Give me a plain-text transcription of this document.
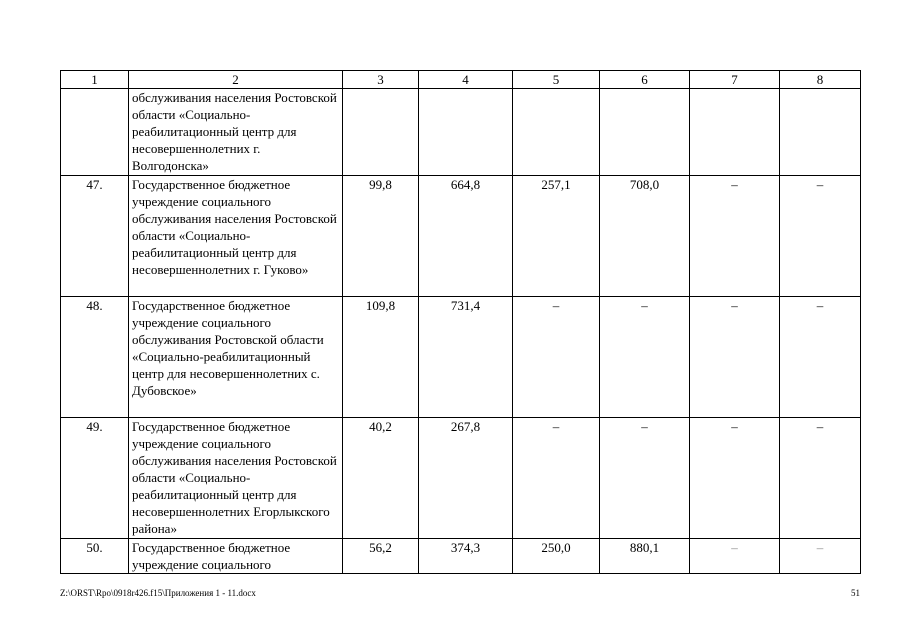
1	2	3	4	5	6	7	8
	обслуживания населения Ростовской области «Социально-реабилитационный центр для несовершеннолетних г. Волгодонска»						
47.	Государственное бюджетное учреждение социального обслуживания населения Ростовской области «Социально-реабилитационный центр для несовершеннолетних г. Гуково»	99,8	664,8	257,1	708,0	–	–
48.	Государственное бюджетное учреждение социального обслуживания Ростовской области «Социально-реабилитационный центр для несовершеннолетних с. Дубовское»	109,8	731,4	–	–	–	–
49.	Государственное бюджетное учреждение социального обслуживания населения Ростовской области «Социально-реабилитационный центр для несовершеннолетних Егорлыкского района»	40,2	267,8	–	–	–	–
50.	Государственное бюджетное учреждение социального	56,2	374,3	250,0	880,1	–	–
Z:\ORST\Rpo\0918r426.f15\Приложения 1 - 11.docx	51
